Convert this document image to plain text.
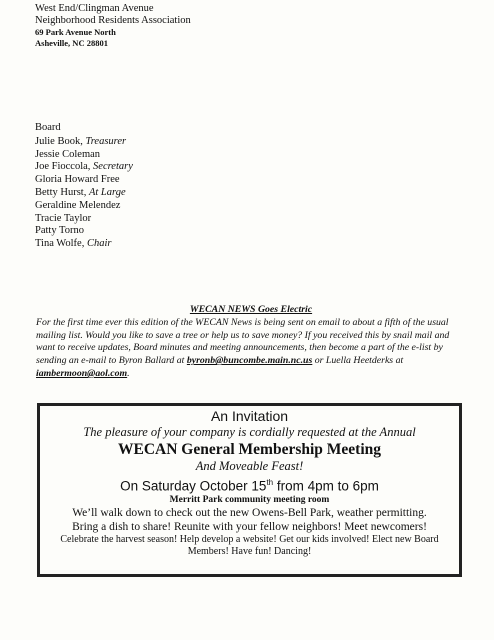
West End/Clingman Avenue
Neighborhood Residents Association
69 Park Avenue North
Asheville, NC 28801
Board
Julie Book, Treasurer
Jessie Coleman
Joe Fioccola, Secretary
Gloria Howard Free
Betty Hurst, At Large
Geraldine Melendez
Tracie Taylor
Patty Torno
Tina Wolfe, Chair
WECAN NEWS Goes Electric
For the first time ever this edition of the WECAN News is being sent on email to about a fifth of the usual mailing list. Would you like to save a tree or help us to save money? If you received this by snail mail and want to receive updates, Board minutes and meeting announcements, then become a part of the e-list by sending an e-mail to Byron Ballard at byronb@buncombe.main.nc.us or Luella Heetderks at iambermoon@aol.com.
An Invitation
The pleasure of your company is cordially requested at the Annual
WECAN General Membership Meeting
And Moveable Feast!
On Saturday October 15th from 4pm to 6pm
Merritt Park community meeting room
We’ll walk down to check out the new Owens-Bell Park, weather permitting.
Bring a dish to share! Reunite with your fellow neighbors! Meet newcomers!
Celebrate the harvest season! Help develop a website! Get our kids involved! Elect new Board
Members! Have fun! Dancing!
